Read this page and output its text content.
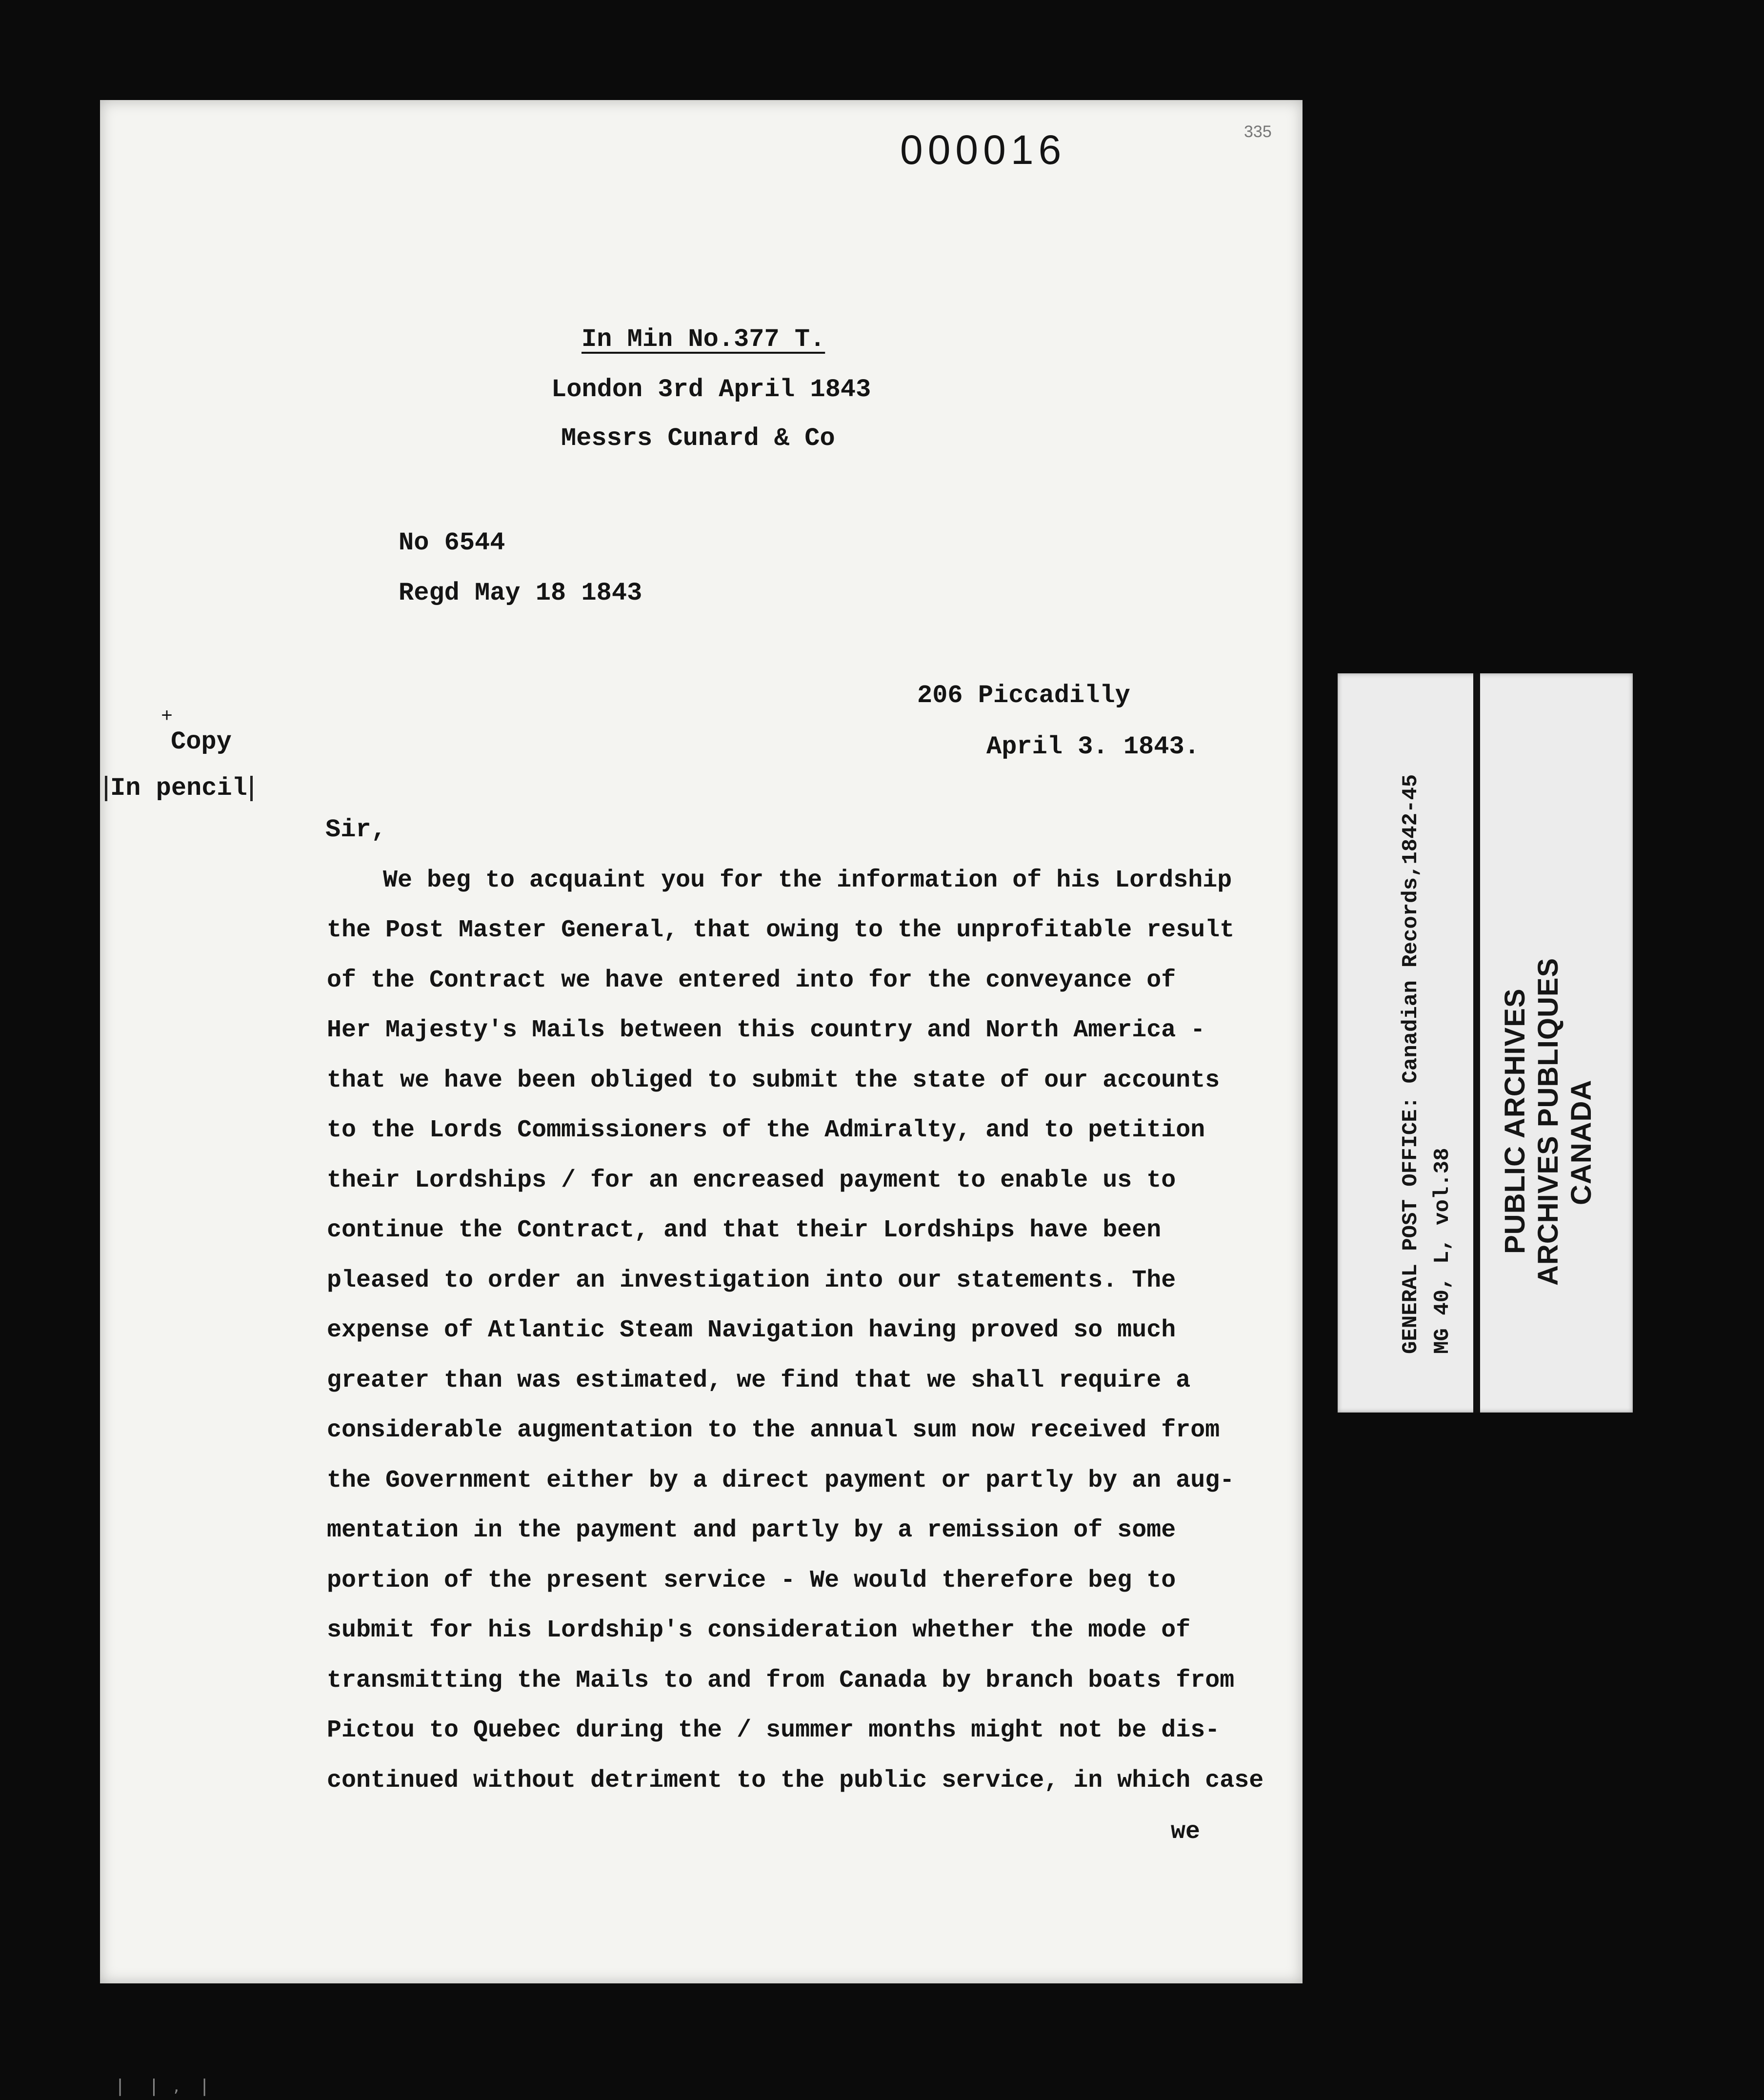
000016	335
In Min No.377 T.
London 3rd April 1843
Messrs Cunard & Co
No 6544
Regd May 18 1843
206 Piccadilly
April 3. 1843.
+
Copy
In pencil
Sir,
We beg to acquaint you for the information of his Lordship
the Post Master General, that owing to the unprofitable result
of the Contract we have entered into for the conveyance of
Her Majesty's Mails between this country and North America -
that we have been obliged to submit the state of our accounts
to the Lords Commissioners of the Admiralty, and to petition
their Lordships / for an encreased payment to enable us to
continue the Contract, and that their Lordships have been
pleased to order an investigation into our statements. The
expense of Atlantic Steam Navigation having proved so much
greater than was estimated, we find that we shall require a
considerable augmentation to the annual sum now received from
the Government either by a direct payment or partly by an aug-
mentation in the payment and partly by a remission of some
portion of the present service - We would therefore beg to
submit for his Lordship's consideration whether the mode of
transmitting the Mails to and from Canada by branch boats from
Pictou to Quebec during the / summer months might not be dis-
continued without detriment to the public service, in which case
we
GENERAL POST OFFICE: Canadian Records,1842-45 MG 40, L, vol.38 PUBLIC ARCHIVES ARCHIVES PUBLIQUES CANADA
|     |   ,    |
